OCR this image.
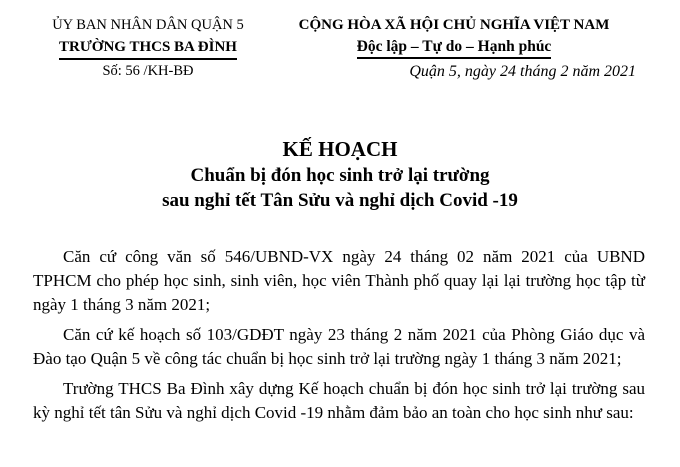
ỦY BAN NHÂN DÂN QUẬN 5
TRƯỜNG THCS BA ĐÌNH
Số: 56 /KH-BĐ
CỘNG HÒA XÃ HỘI CHỦ NGHĨA VIỆT NAM
Độc lập – Tự do – Hạnh phúc
Quận 5, ngày 24 tháng 2 năm 2021
KẾ HOẠCH
Chuẩn bị đón học sinh trở lại trường
sau nghỉ tết Tân Sửu và nghỉ dịch Covid -19

Căn cứ công văn số 546/UBND-VX ngày 24 tháng 02 năm 2021 của UBND TPHCM cho phép học sinh, sinh viên, học viên Thành phố quay lại lại trường học tập từ ngày 1 tháng 3 năm 2021;

Căn cứ kế hoạch số 103/GDĐT ngày 23 tháng 2 năm 2021 của Phòng Giáo dục và Đào tạo Quận 5 về công tác chuẩn bị học sinh trở lại trường ngày 1 tháng 3 năm 2021;

Trường THCS Ba Đình xây dựng Kế hoạch chuẩn bị đón học sinh trở lại trường sau kỳ nghỉ tết tân Sửu và nghỉ dịch Covid -19 nhằm đảm bảo an toàn cho học sinh như sau:
